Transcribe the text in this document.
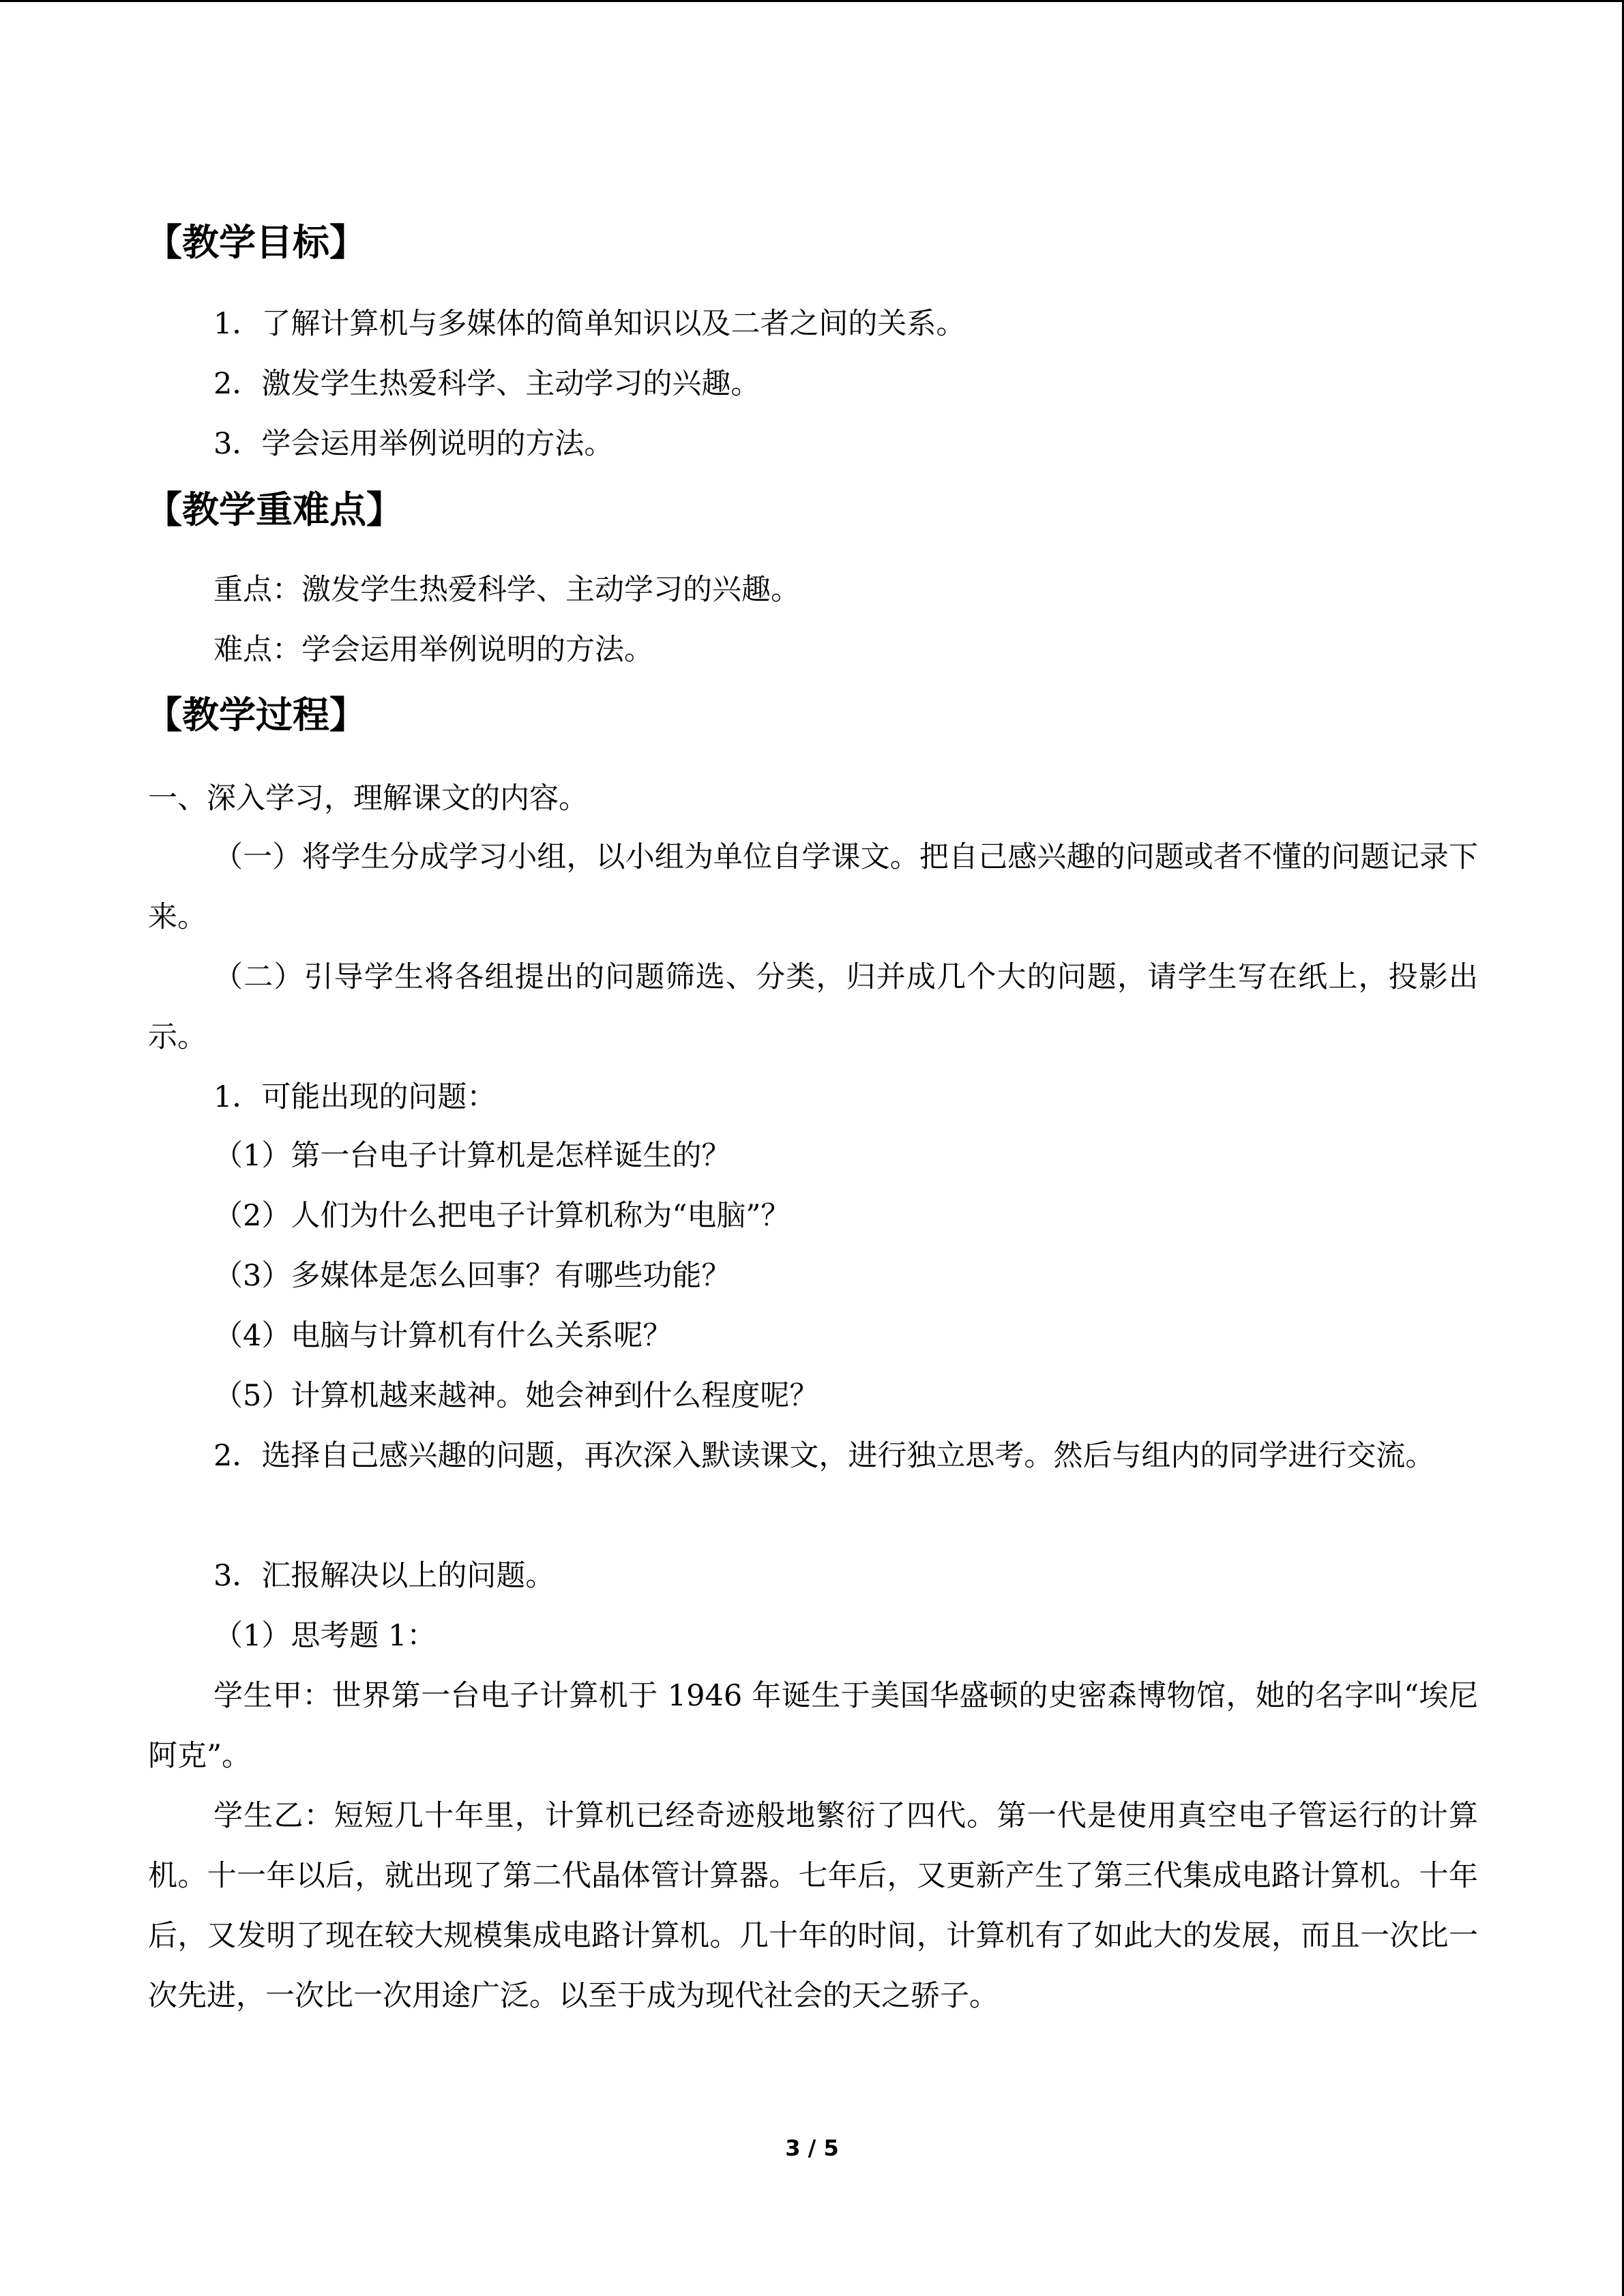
【教学目标】
1．了解计算机与多媒体的简单知识以及二者之间的关系。
2．激发学生热爱科学、主动学习的兴趣。
3．学会运用举例说明的方法。
【教学重难点】
重点：激发学生热爱科学、主动学习的兴趣。
难点：学会运用举例说明的方法。
【教学过程】
一、深入学习，理解课文的内容。
（一）将学生分成学习小组，以小组为单位自学课文。把自己感兴趣的问题或者不懂的问题记录下来。
（二）引导学生将各组提出的问题筛选、分类，归并成几个大的问题，请学生写在纸上，投影出示。
1．可能出现的问题：
（1）第一台电子计算机是怎样诞生的？
（2）人们为什么把电子计算机称为“电脑”？
（3）多媒体是怎么回事？有哪些功能？
（4）电脑与计算机有什么关系呢？
（5）计算机越来越神。她会神到什么程度呢？
2．选择自己感兴趣的问题，再次深入默读课文，进行独立思考。然后与组内的同学进行交流。
3．汇报解决以上的问题。
（1）思考题 1：
学生甲：世界第一台电子计算机于 1946 年诞生于美国华盛顿的史密森博物馆，她的名字叫“埃尼阿克”。
学生乙：短短几十年里，计算机已经奇迹般地繁衍了四代。第一代是使用真空电子管运行的计算机。十一年以后，就出现了第二代晶体管计算器。七年后，又更新产生了第三代集成电路计算机。十年后，又发明了现在较大规模集成电路计算机。几十年的时间，计算机有了如此大的发展，而且一次比一次先进，一次比一次用途广泛。以至于成为现代社会的天之骄子。
3 / 5
